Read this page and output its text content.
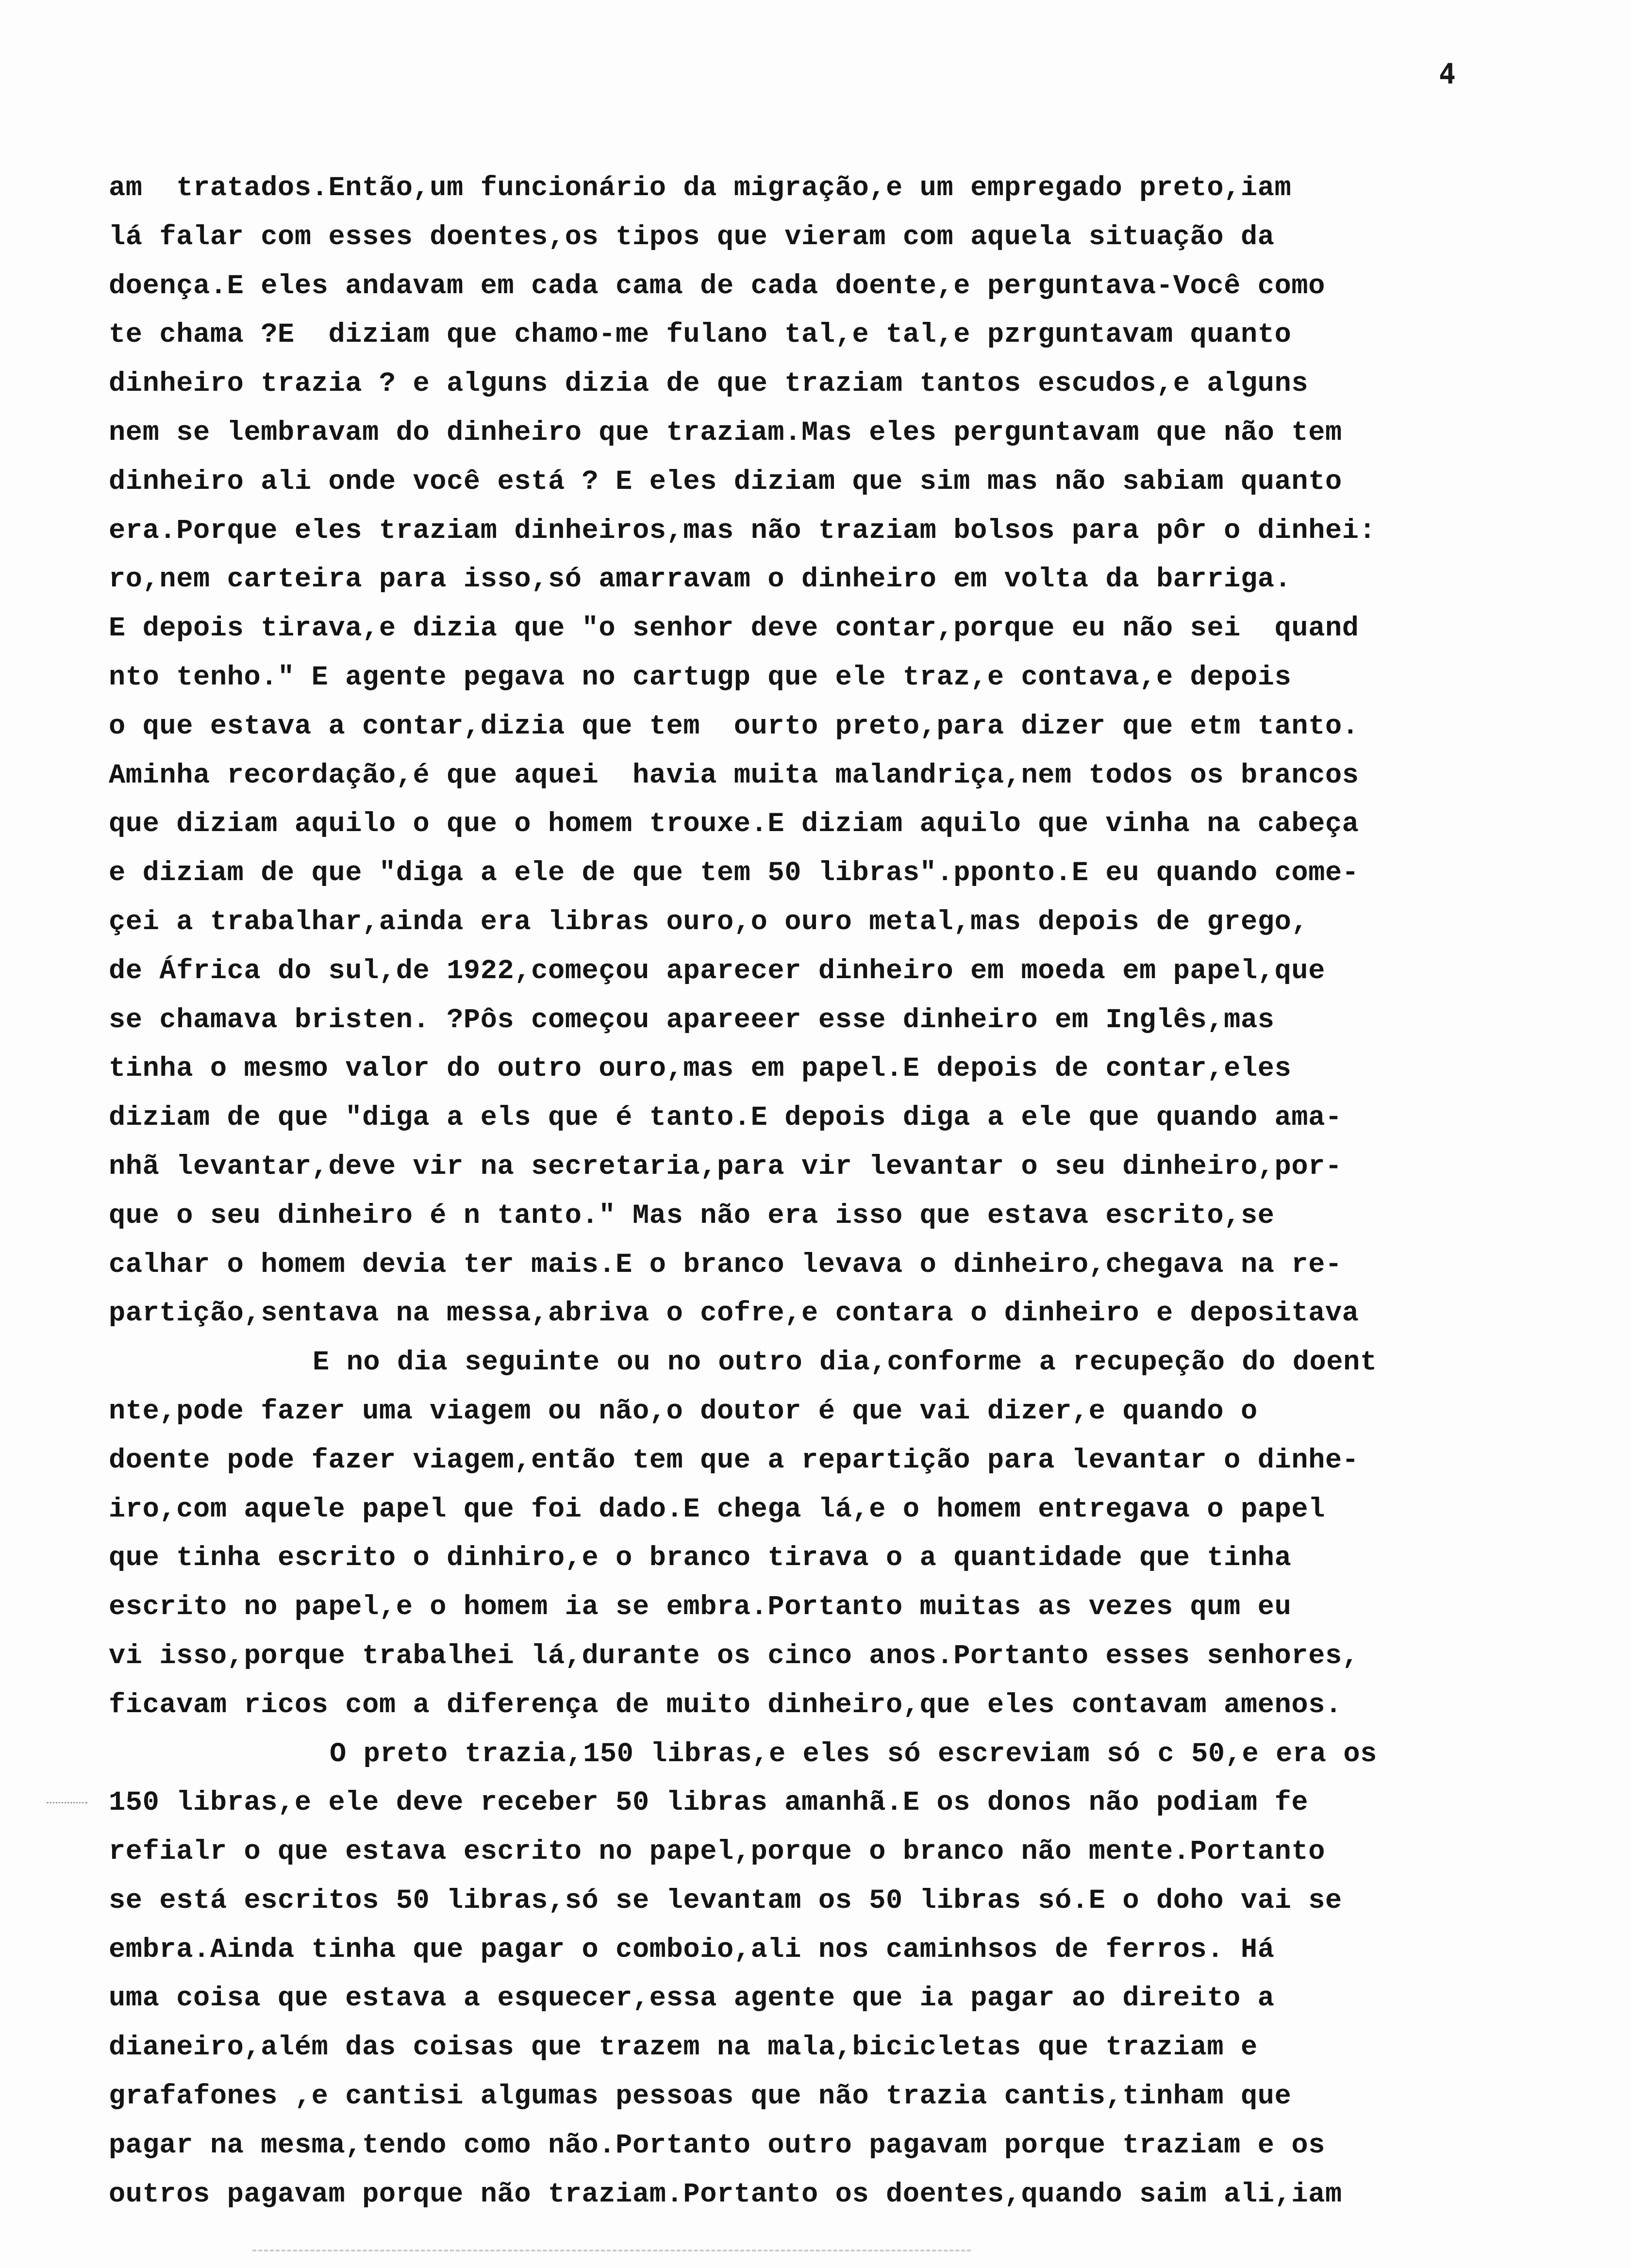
4
am  tratados.Então,um funcionário da migração,e um empregado preto,iam
lá falar com esses doentes,os tipos que vieram com aquela situação da
doença.E eles andavam em cada cama de cada doente,e perguntava-Você como
te chama ?E  diziam que chamo-me fulano tal,e tal,e pzrguntavam quanto
dinheiro trazia ? e alguns dizia de que traziam tantos escudos,e alguns
nem se lembravam do dinheiro que traziam.Mas eles perguntavam que não tem
dinheiro ali onde você está ? E eles diziam que sim mas não sabiam quanto
era.Porque eles traziam dinheiros,mas não traziam bolsos para pôr o dinhei:
ro,nem carteira para isso,só amarravam o dinheiro em volta da barriga.
E depois tirava,e dizia que "o senhor deve contar,porque eu não sei  quand
nto tenho." E agente pegava no cartugp que ele traz,e contava,e depois
o que estava a contar,dizia que tem  ourto preto,para dizer que etm tanto.
Aminha recordação,é que aquei  havia muita malandriça,nem todos os brancos
que diziam aquilo o que o homem trouxe.E diziam aquilo que vinha na cabeça
e diziam de que "diga a ele de que tem 50 libras".pponto.E eu quando come-
çei a trabalhar,ainda era libras ouro,o ouro metal,mas depois de grego,
de África do sul,de 1922,começou aparecer dinheiro em moeda em papel,que
se chamava bristen. ?Pôs começou apareeer esse dinheiro em Inglês,mas
tinha o mesmo valor do outro ouro,mas em papel.E depois de contar,eles
diziam de que "diga a els que é tanto.E depois diga a ele que quando ama-
nhã levantar,deve vir na secretaria,para vir levantar o seu dinheiro,por-
que o seu dinheiro é n tanto." Mas não era isso que estava escrito,se
calhar o homem devia ter mais.E o branco levava o dinheiro,chegava na re-
partição,sentava na messa,abriva o cofre,e contara o dinheiro e depositava
E no dia seguinte ou no outro dia,conforme a recupeção do doent
nte,pode fazer uma viagem ou não,o doutor é que vai dizer,e quando o
doente pode fazer viagem,então tem que a repartição para levantar o dinhe-
iro,com aquele papel que foi dado.E chega lá,e o homem entregava o papel
que tinha escrito o dinhiro,e o branco tirava o a quantidade que tinha
escrito no papel,e o homem ia se embra.Portanto muitas as vezes qum eu
vi isso,porque trabalhei lá,durante os cinco anos.Portanto esses senhores,
ficavam ricos com a diferença de muito dinheiro,que eles contavam amenos.
O preto trazia,150 libras,e eles só escreviam só c 50,e era os
150 libras,e ele deve receber 50 libras amanhã.E os donos não podiam fe
refialr o que estava escrito no papel,porque o branco não mente.Portanto
se está escritos 50 libras,só se levantam os 50 libras só.E o doho vai se
embra.Ainda tinha que pagar o comboio,ali nos caminhsos de ferros. Há
uma coisa que estava a esquecer,essa agente que ia pagar ao direito a
dianeiro,além das coisas que trazem na mala,bicicletas que traziam e
grafafones ,e cantisi algumas pessoas que não trazia cantis,tinham que
pagar na mesma,tendo como não.Portanto outro pagavam porque traziam e os
outros pagavam porque não traziam.Portanto os doentes,quando saim ali,iam
